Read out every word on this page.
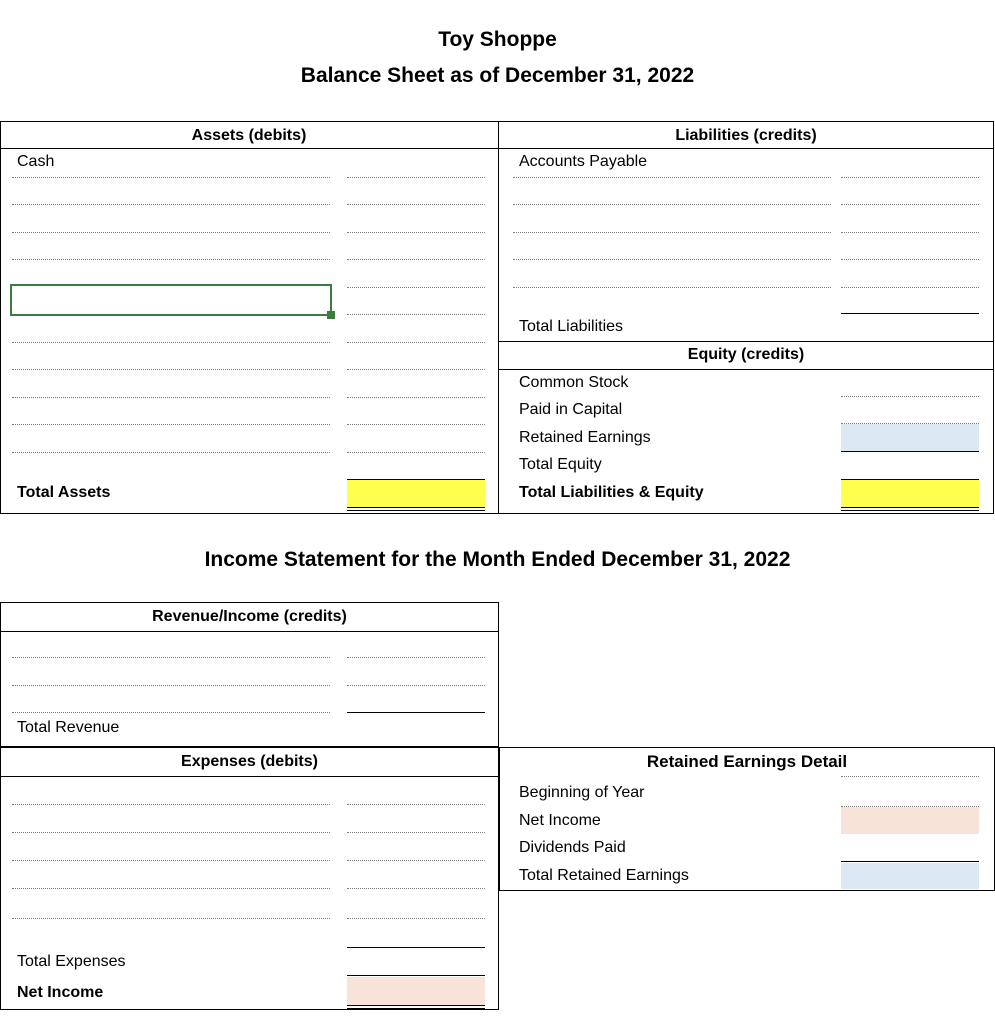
Toy Shoppe
Balance Sheet as of December 31, 2022
Assets (debits)
Cash
Total Assets
Liabilities (credits)
Accounts Payable
Total Liabilities
Equity (credits)
Common Stock
Paid in Capital
Retained Earnings
Total Equity
Total Liabilities & Equity
Income Statement for the Month Ended December 31, 2022
Revenue/Income (credits)
Total Revenue
Expenses (debits)
Total Expenses
Net Income
Retained Earnings Detail
Beginning of Year
Net Income
Dividends Paid
Total Retained Earnings
